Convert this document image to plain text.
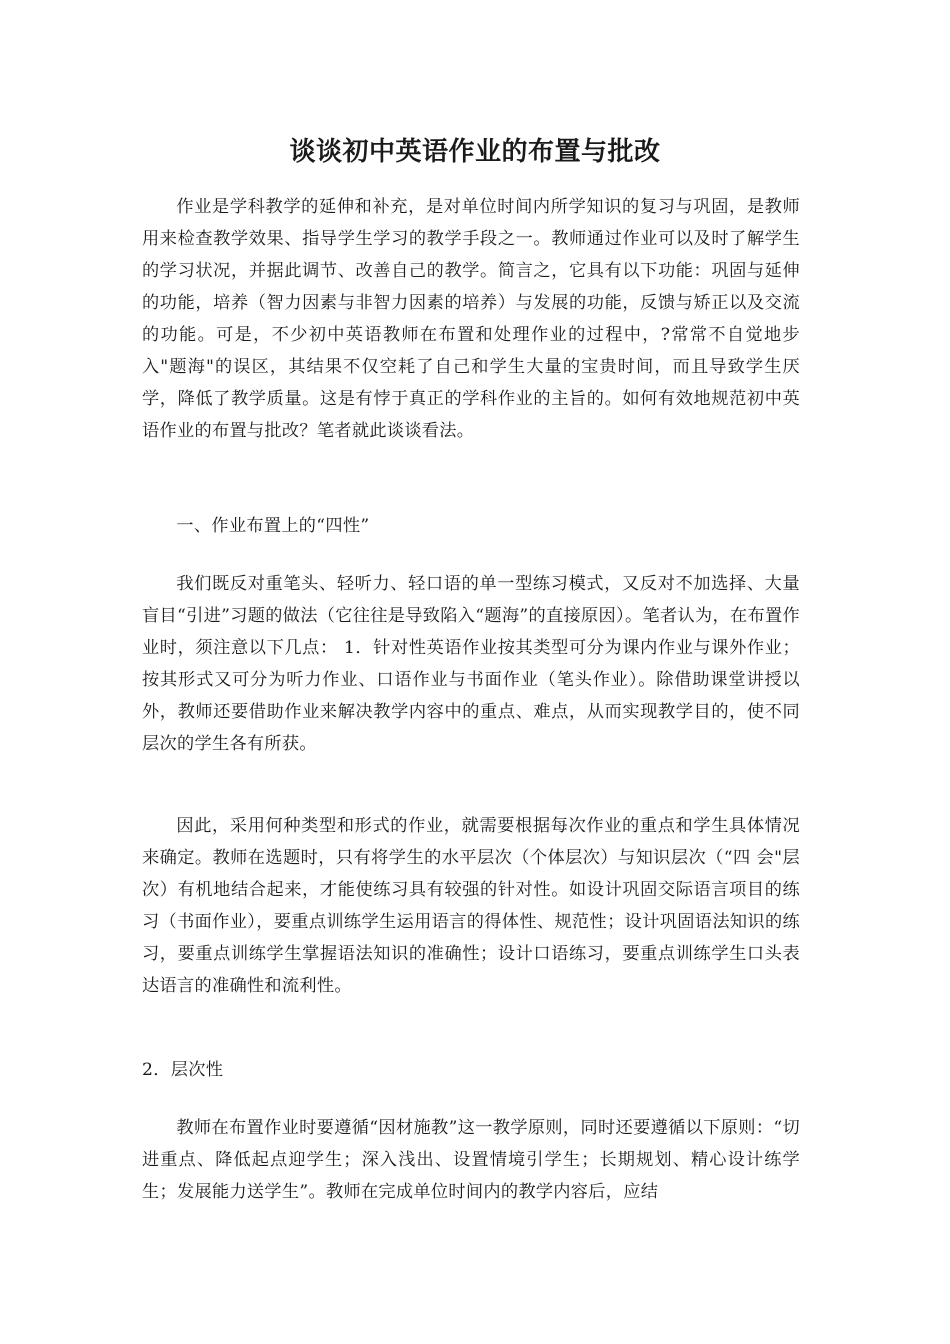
谈谈初中英语作业的布置与批改

作业是学科教学的延伸和补充，是对单位时间内所学知识的复习与巩固，是教师用来检查教学效果、指导学生学习的教学手段之一。教师通过作业可以及时了解学生的学习状况，并据此调节、改善自己的教学。简言之，它具有以下功能：巩固与延伸的功能，培养（智力因素与非智力因素的培养）与发展的功能，反馈与矫正以及交流的功能。可是，不少初中英语教师在布置和处理作业的过程中，?常常不自觉地步入"题海"的误区，其结果不仅空耗了自己和学生大量的宝贵时间，而且导致学生厌学，降低了教学质量。这是有悖于真正的学科作业的主旨的。如何有效地规范初中英语作业的布置与批改？笔者就此谈谈看法。

一、作业布置上的“四性”

我们既反对重笔头、轻听力、轻口语的单一型练习模式，又反对不加选择、大量盲目“引进”习题的做法（它往往是导致陷入“题海”的直接原因）。笔者认为，在布置作业时，须注意以下几点： 1．针对性英语作业按其类型可分为课内作业与课外作业；按其形式又可分为听力作业、口语作业与书面作业（笔头作业）。除借助课堂讲授以外，教师还要借助作业来解决教学内容中的重点、难点，从而实现教学目的，使不同层次的学生各有所获。

因此，采用何种类型和形式的作业，就需要根据每次作业的重点和学生具体情况来确定。教师在选题时，只有将学生的水平层次（个体层次）与知识层次（“四 会"层次）有机地结合起来，才能使练习具有较强的针对性。如设计巩固交际语言项目的练习（书面作业），要重点训练学生运用语言的得体性、规范性；设计巩固语法知识的练习，要重点训练学生掌握语法知识的准确性；设计口语练习，要重点训练学生口头表达语言的准确性和流利性。

2．层次性

教师在布置作业时要遵循“因材施教”这一教学原则，同时还要遵循以下原则：“切进重点、降低起点迎学生；深入浅出、设置情境引学生；长期规划、精心设计练学生；发展能力送学生”。教师在完成单位时间内的教学内容后，应结
